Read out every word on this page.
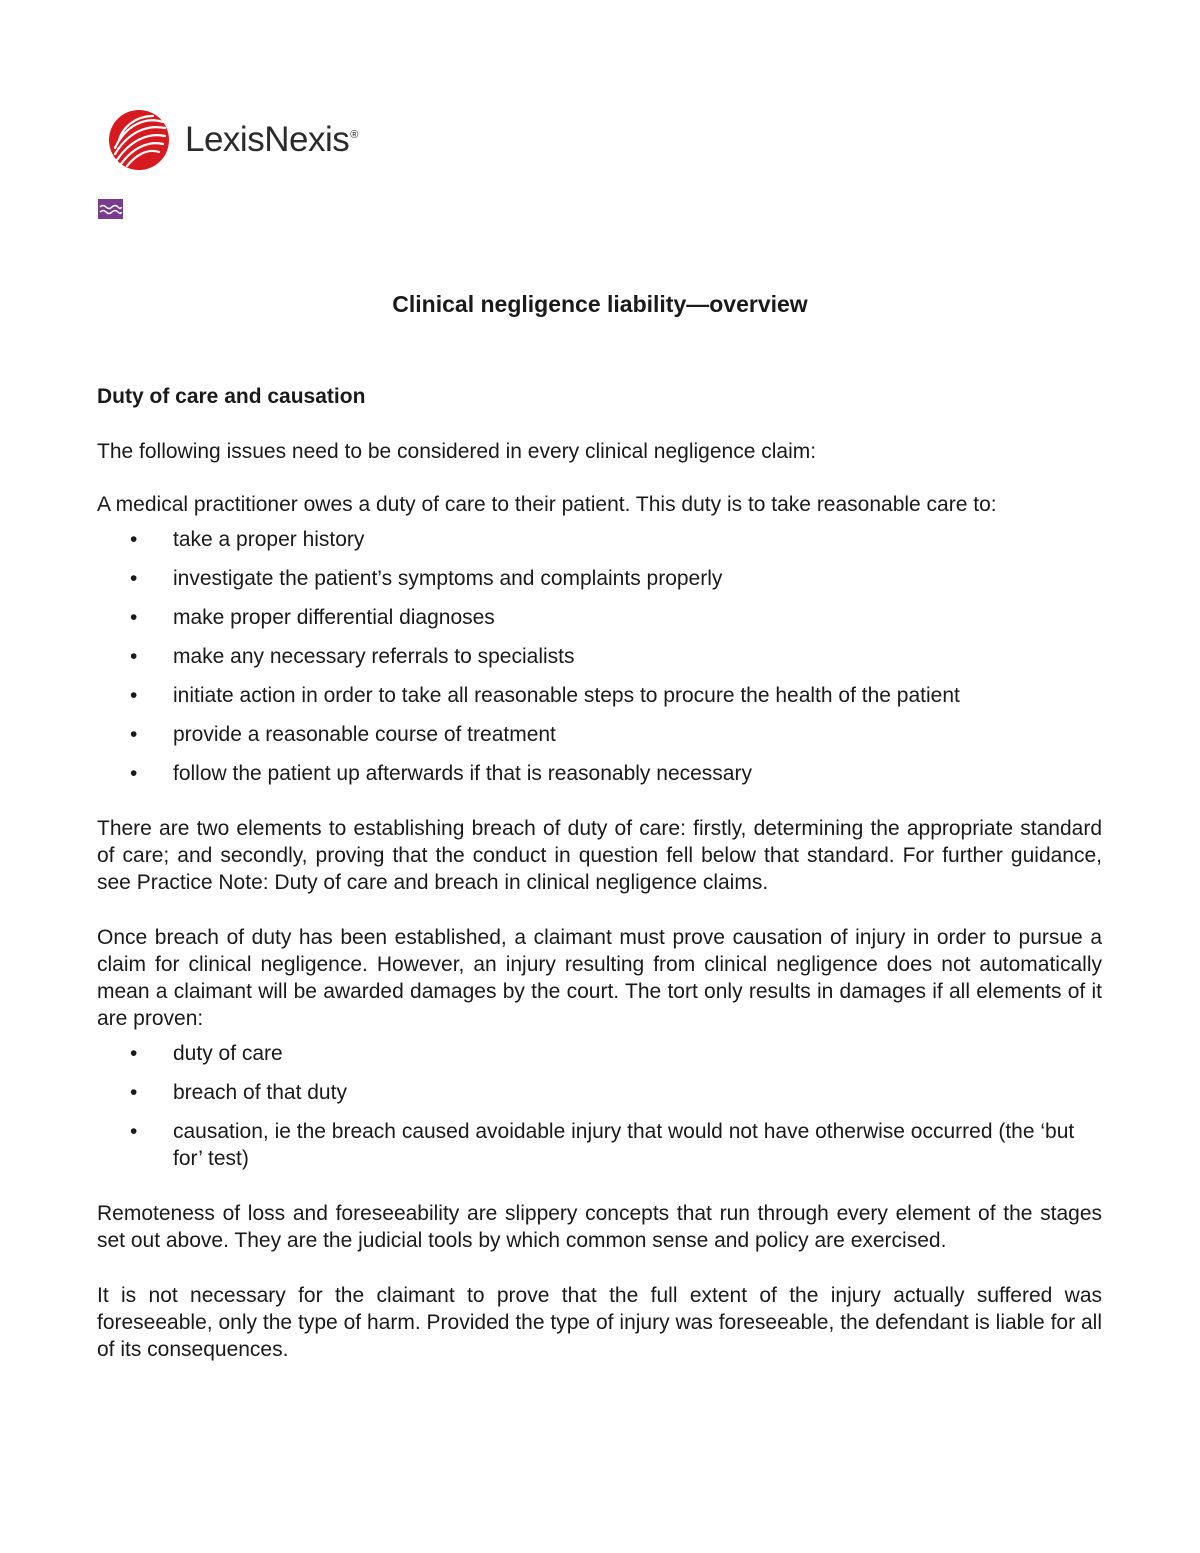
LexisNexis®
Clinical negligence liability—overview

Duty of care and causation

The following issues need to be considered in every clinical negligence claim:

A medical practitioner owes a duty of care to their patient. This duty is to take reasonable care to:

• take a proper history
• investigate the patient’s symptoms and complaints properly
• make proper differential diagnoses
• make any necessary referrals to specialists
• initiate action in order to take all reasonable steps to procure the health of the patient
• provide a reasonable course of treatment
• follow the patient up afterwards if that is reasonably necessary

There are two elements to establishing breach of duty of care: firstly, determining the appropriate standard of care; and secondly, proving that the conduct in question fell below that standard. For further guidance, see Practice Note: Duty of care and breach in clinical negligence claims.

Once breach of duty has been established, a claimant must prove causation of injury in order to pursue a claim for clinical negligence. However, an injury resulting from clinical negligence does not automatically mean a claimant will be awarded damages by the court. The tort only results in damages if all elements of it are proven:

• duty of care
• breach of that duty
• causation, ie the breach caused avoidable injury that would not have otherwise occurred (the ‘but for’ test)

Remoteness of loss and foreseeability are slippery concepts that run through every element of the stages set out above. They are the judicial tools by which common sense and policy are exercised.

It is not necessary for the claimant to prove that the full extent of the injury actually suffered was foreseeable, only the type of harm. Provided the type of injury was foreseeable, the defendant is liable for all of its consequences.
